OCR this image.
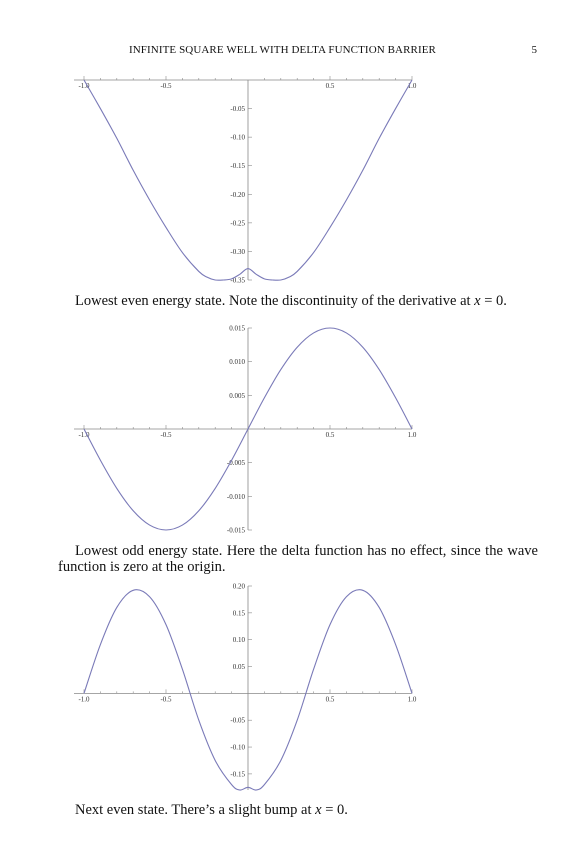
INFINITE SQUARE WELL WITH DELTA FUNCTION BARRIER	5
-1.0	-0.5	0.5	1.0
-0.05
-0.10
-0.15
-0.20
-0.25
-0.30
-0.35
Lowest even energy state. Note the discontinuity of the derivative at x = 0.
-1.0	-0.5	0.5	1.0
0.015
0.010
0.005
-0.005
-0.010
-0.015
Lowest odd energy state. Here the delta function has no effect, since the wave function is zero at the origin.
-1.0	-0.5	0.5	1.0
0.20
0.15
0.10
0.05
-0.05
-0.10
-0.15
Next even state. There’s a slight bump at x = 0.
